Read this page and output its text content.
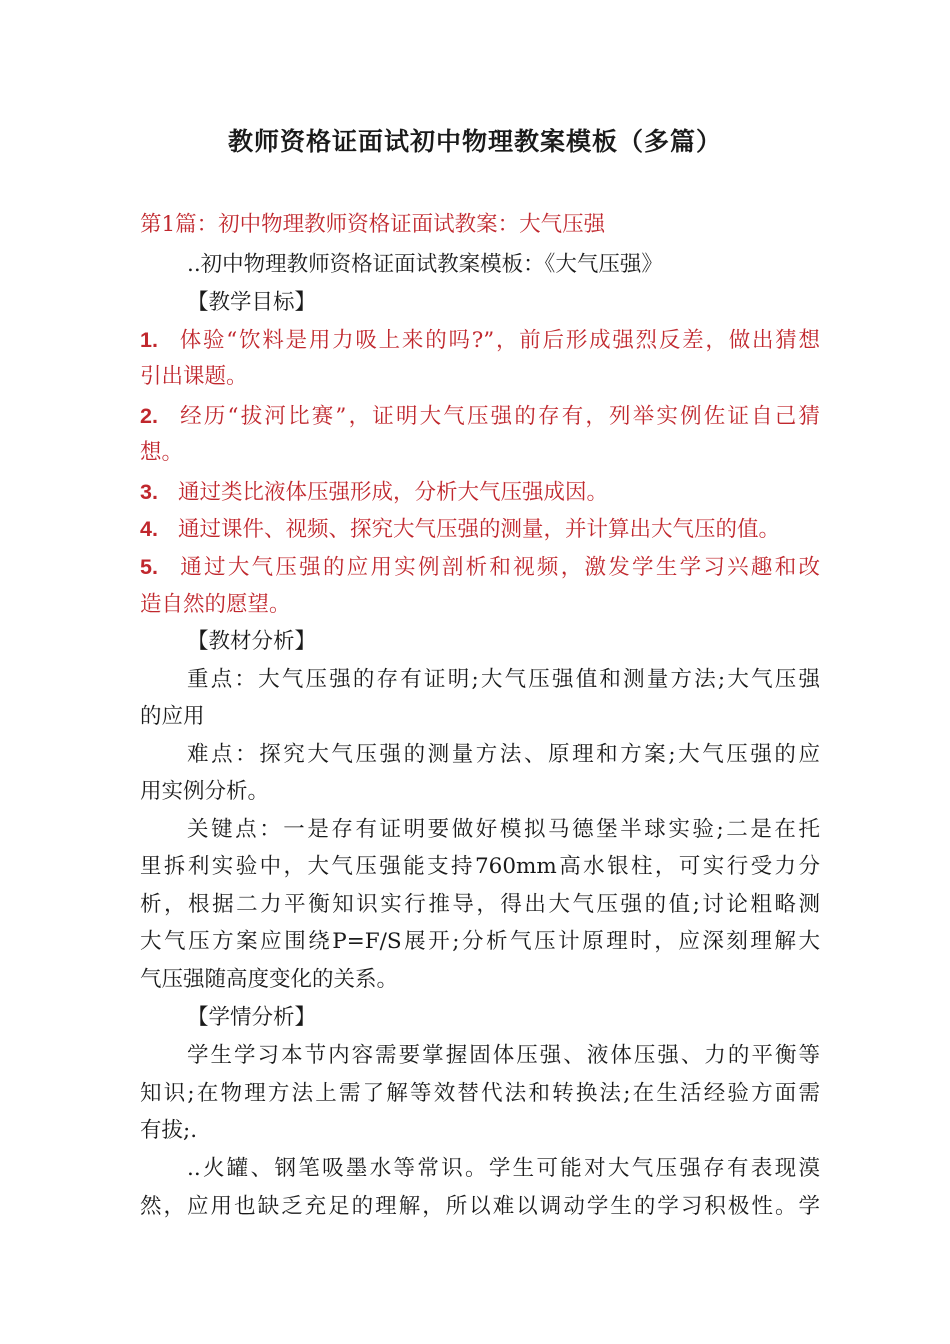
教师资格证面试初中物理教案模板（多篇）
第1篇：初中物理教师资格证面试教案：大气压强
..初中物理教师资格证面试教案模板：《大气压强》
【教学目标】
1. 体验“饮料是用力吸上来的吗?”，前后形成强烈反差，做出猜想
引出课题。
2. 经历“拔河比赛”，证明大气压强的存有，列举实例佐证自己猜
想。
3. 通过类比液体压强形成，分析大气压强成因。
4. 通过课件、视频、探究大气压强的测量，并计算出大气压的值。
5. 通过大气压强的应用实例剖析和视频，激发学生学习兴趣和改
造自然的愿望。
【教材分析】
重点：大气压强的存有证明;大气压强值和测量方法;大气压强
的应用
难点：探究大气压强的测量方法、原理和方案;大气压强的应
用实例分析。
关键点：一是存有证明要做好模拟马德堡半球实验;二是在托
里拆利实验中，大气压强能支持760mm高水银柱，可实行受力分
析，根据二力平衡知识实行推导，得出大气压强的值;讨论粗略测
大气压方案应围绕P=F/S展开;分析气压计原理时，应深刻理解大
气压强随高度变化的关系。
【学情分析】
学生学习本节内容需要掌握固体压强、液体压强、力的平衡等
知识;在物理方法上需了解等效替代法和转换法;在生活经验方面需
有拔;.
..火罐、钢笔吸墨水等常识。学生可能对大气压强存有表现漠
然，应用也缺乏充足的理解，所以难以调动学生的学习积极性。学
